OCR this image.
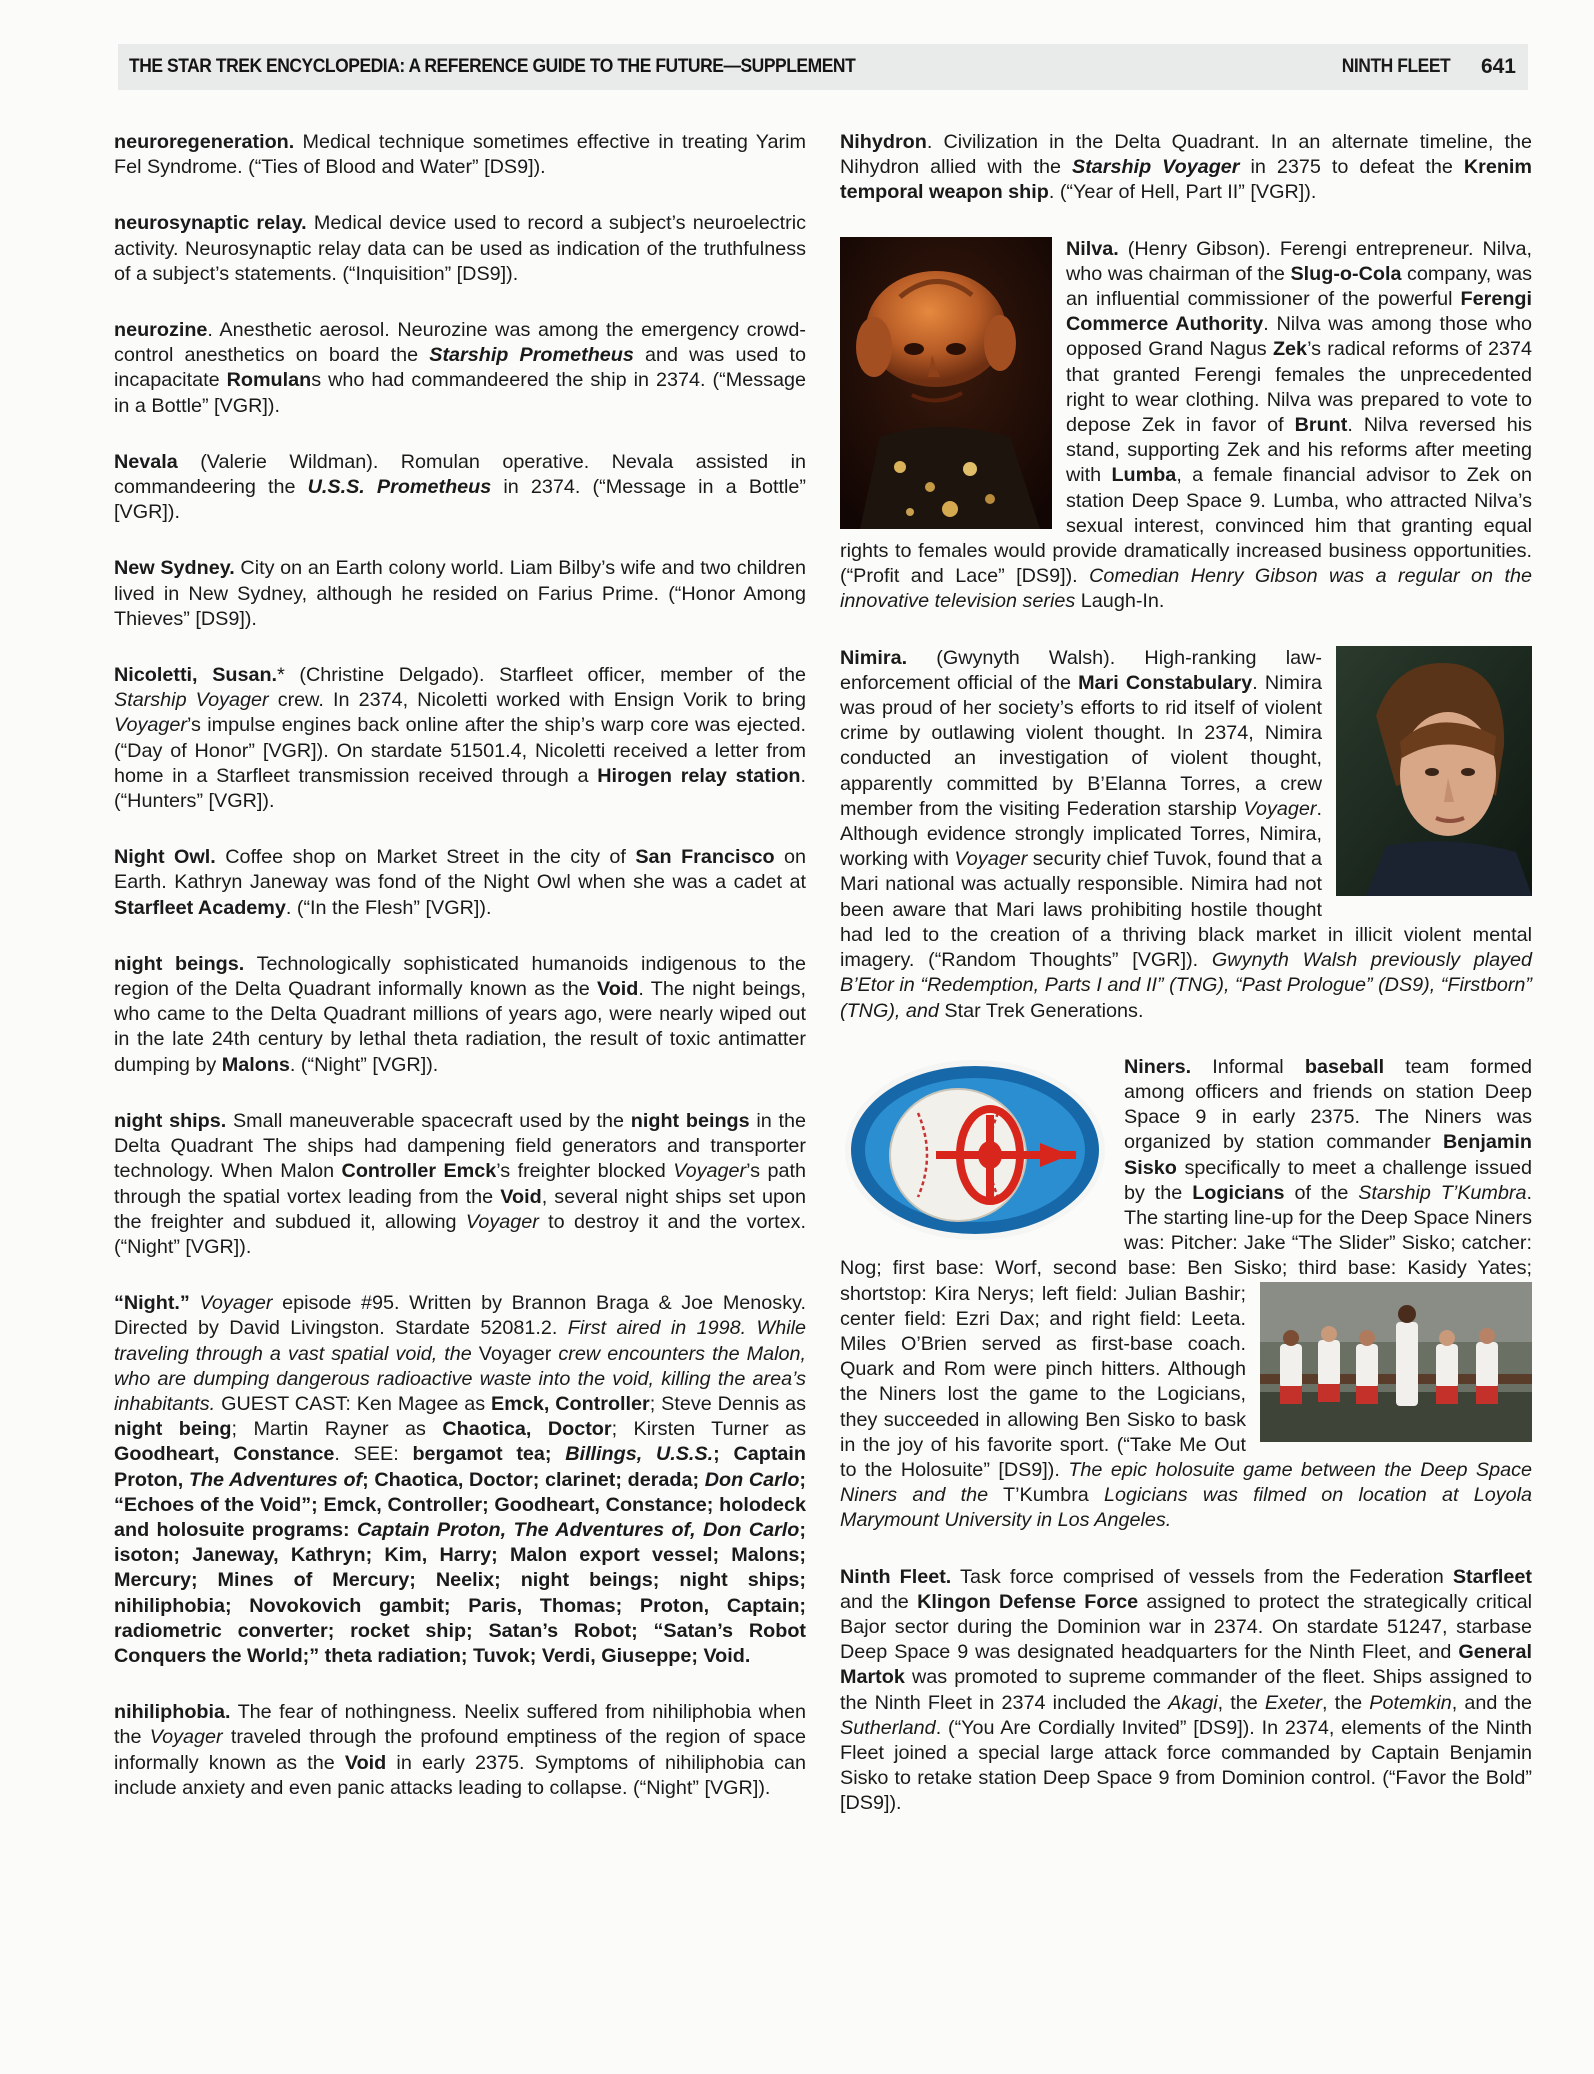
THE STAR TREK ENCYCLOPEDIA: A REFERENCE GUIDE TO THE FUTURE—SUPPLEMENT	NINTH FLEET 641
neuroregeneration. Medical technique sometimes effective in treating Yarim Fel Syndrome. (“Ties of Blood and Water” [DS9]).
neurosynaptic relay. Medical device used to record a subject’s neuroelectric activity. Neurosynaptic relay data can be used as indication of the truthfulness of a subject’s statements. (“Inquisition” [DS9]).
neurozine. Anesthetic aerosol. Neurozine was among the emergency crowd-control anesthetics on board the Starship Prometheus and was used to incapacitate Romulans who had commandeered the ship in 2374. (“Message in a Bottle” [VGR]).
Nevala (Valerie Wildman). Romulan operative. Nevala assisted in commandeering the U.S.S. Prometheus in 2374. (“Message in a Bottle” [VGR]).
New Sydney. City on an Earth colony world. Liam Bilby’s wife and two children lived in New Sydney, although he resided on Farius Prime. (“Honor Among Thieves” [DS9]).
Nicoletti, Susan.* (Christine Delgado). Starfleet officer, member of the Starship Voyager crew. In 2374, Nicoletti worked with Ensign Vorik to bring Voyager’s impulse engines back online after the ship’s warp core was ejected. (“Day of Honor” [VGR]). On stardate 51501.4, Nicoletti received a letter from home in a Starfleet transmission received through a Hirogen relay station. (“Hunters” [VGR]).
Night Owl. Coffee shop on Market Street in the city of San Francisco on Earth. Kathryn Janeway was fond of the Night Owl when she was a cadet at Starfleet Academy. (“In the Flesh” [VGR]).
night beings. Technologically sophisticated humanoids indigenous to the region of the Delta Quadrant informally known as the Void. The night beings, who came to the Delta Quadrant millions of years ago, were nearly wiped out in the late 24th century by lethal theta radiation, the result of toxic antimatter dumping by Malons. (“Night” [VGR]).
night ships. Small maneuverable spacecraft used by the night beings in the Delta Quadrant The ships had dampening field generators and transporter technology. When Malon Controller Emck’s freighter blocked Voyager’s path through the spatial vortex leading from the Void, several night ships set upon the freighter and subdued it, allowing Voyager to destroy it and the vortex. (“Night” [VGR]).
“Night.” Voyager episode #95. Written by Brannon Braga & Joe Menosky. Directed by David Livingston. Stardate 52081.2. First aired in 1998. While traveling through a vast spatial void, the Voyager crew encounters the Malon, who are dumping dangerous radioactive waste into the void, killing the area’s inhabitants. GUEST CAST: Ken Magee as Emck, Controller; Steve Dennis as night being; Martin Rayner as Chaotica, Doctor; Kirsten Turner as Goodheart, Constance. SEE: bergamot tea; Billings, U.S.S.; Captain Proton, The Adventures of; Chaotica, Doctor; clarinet; derada; Don Carlo; “Echoes of the Void”; Emck, Controller; Goodheart, Constance; holodeck and holosuite programs: Captain Proton, The Adventures of, Don Carlo; isoton; Janeway, Kathryn; Kim, Harry; Malon export vessel; Malons; Mercury; Mines of Mercury; Neelix; night beings; night ships; nihiliphobia; Novokovich gambit; Paris, Thomas; Proton, Captain; radiometric converter; rocket ship; Satan’s Robot; “Satan’s Robot Conquers the World;” theta radiation; Tuvok; Verdi, Giuseppe; Void.
nihiliphobia. The fear of nothingness. Neelix suffered from nihiliphobia when the Voyager traveled through the profound emptiness of the region of space informally known as the Void in early 2375. Symptoms of nihiliphobia can include anxiety and even panic attacks leading to collapse. (“Night” [VGR]).
Nihydron. Civilization in the Delta Quadrant. In an alternate timeline, the Nihydron allied with the Starship Voyager in 2375 to defeat the Krenim temporal weapon ship. (“Year of Hell, Part II” [VGR]).
Nilva. (Henry Gibson). Ferengi entrepreneur. Nilva, who was chairman of the Slug-o-Cola company, was an influential commissioner of the powerful Ferengi Commerce Authority. Nilva was among those who opposed Grand Nagus Zek’s radical reforms of 2374 that granted Ferengi females the unprecedented right to wear clothing. Nilva was prepared to vote to depose Zek in favor of Brunt. Nilva reversed his stand, supporting Zek and his reforms after meeting with Lumba, a female financial advisor to Zek on station Deep Space 9. Lumba, who attracted Nilva’s sexual interest, convinced him that granting equal rights to females would provide dramatically increased business opportunities. (“Profit and Lace” [DS9]). Comedian Henry Gibson was a regular on the innovative television series Laugh-In.
Nimira. (Gwynyth Walsh). High-ranking law-enforcement official of the Mari Constabulary. Nimira was proud of her society’s efforts to rid itself of violent crime by outlawing violent thought. In 2374, Nimira conducted an investigation of violent thought, apparently committed by B’Elanna Torres, a crew member from the visiting Federation starship Voyager. Although evidence strongly implicated Torres, Nimira, working with Voyager security chief Tuvok, found that a Mari national was actually responsible. Nimira had not been aware that Mari laws prohibiting hostile thought had led to the creation of a thriving black market in illicit violent mental imagery. (“Random Thoughts” [VGR]). Gwynyth Walsh previously played B’Etor in “Redemption, Parts I and II” (TNG), “Past Prologue” (DS9), “Firstborn” (TNG), and Star Trek Generations.
Niners. Informal baseball team formed among officers and friends on station Deep Space 9 in early 2375. The Niners was organized by station commander Benjamin Sisko specifically to meet a challenge issued by the Logicians of the Starship T’Kumbra. The starting line-up for the Deep Space Niners was: Pitcher: Jake “The Slider” Sisko; catcher: Nog; first base: Worf, second base: Ben Sisko;
third base: Kasidy Yates; shortstop: Kira Nerys; left field: Julian Bashir; center field: Ezri Dax; and right field: Leeta. Miles O’Brien served as first-base coach. Quark and Rom were pinch hitters. Although the Niners lost the game to the Logicians, they succeeded in allowing Ben Sisko to bask in the joy of his favorite sport. (“Take Me Out to the Holosuite” [DS9]). The epic holosuite game between the Deep Space Niners and the T’Kumbra Logicians was filmed on location at Loyola Marymount University in Los Angeles.
Ninth Fleet. Task force comprised of vessels from the Federation Starfleet and the Klingon Defense Force assigned to protect the strategically critical Bajor sector during the Dominion war in 2374. On stardate 51247, starbase Deep Space 9 was designated headquarters for the Ninth Fleet, and General Martok was promoted to supreme commander of the fleet. Ships assigned to the Ninth Fleet in 2374 included the Akagi, the Exeter, the Potemkin, and the Sutherland. (“You Are Cordially Invited” [DS9]). In 2374, elements of the Ninth Fleet joined a special large attack force commanded by Captain Benjamin Sisko to retake station Deep Space 9 from Dominion control. (“Favor the Bold” [DS9]).
